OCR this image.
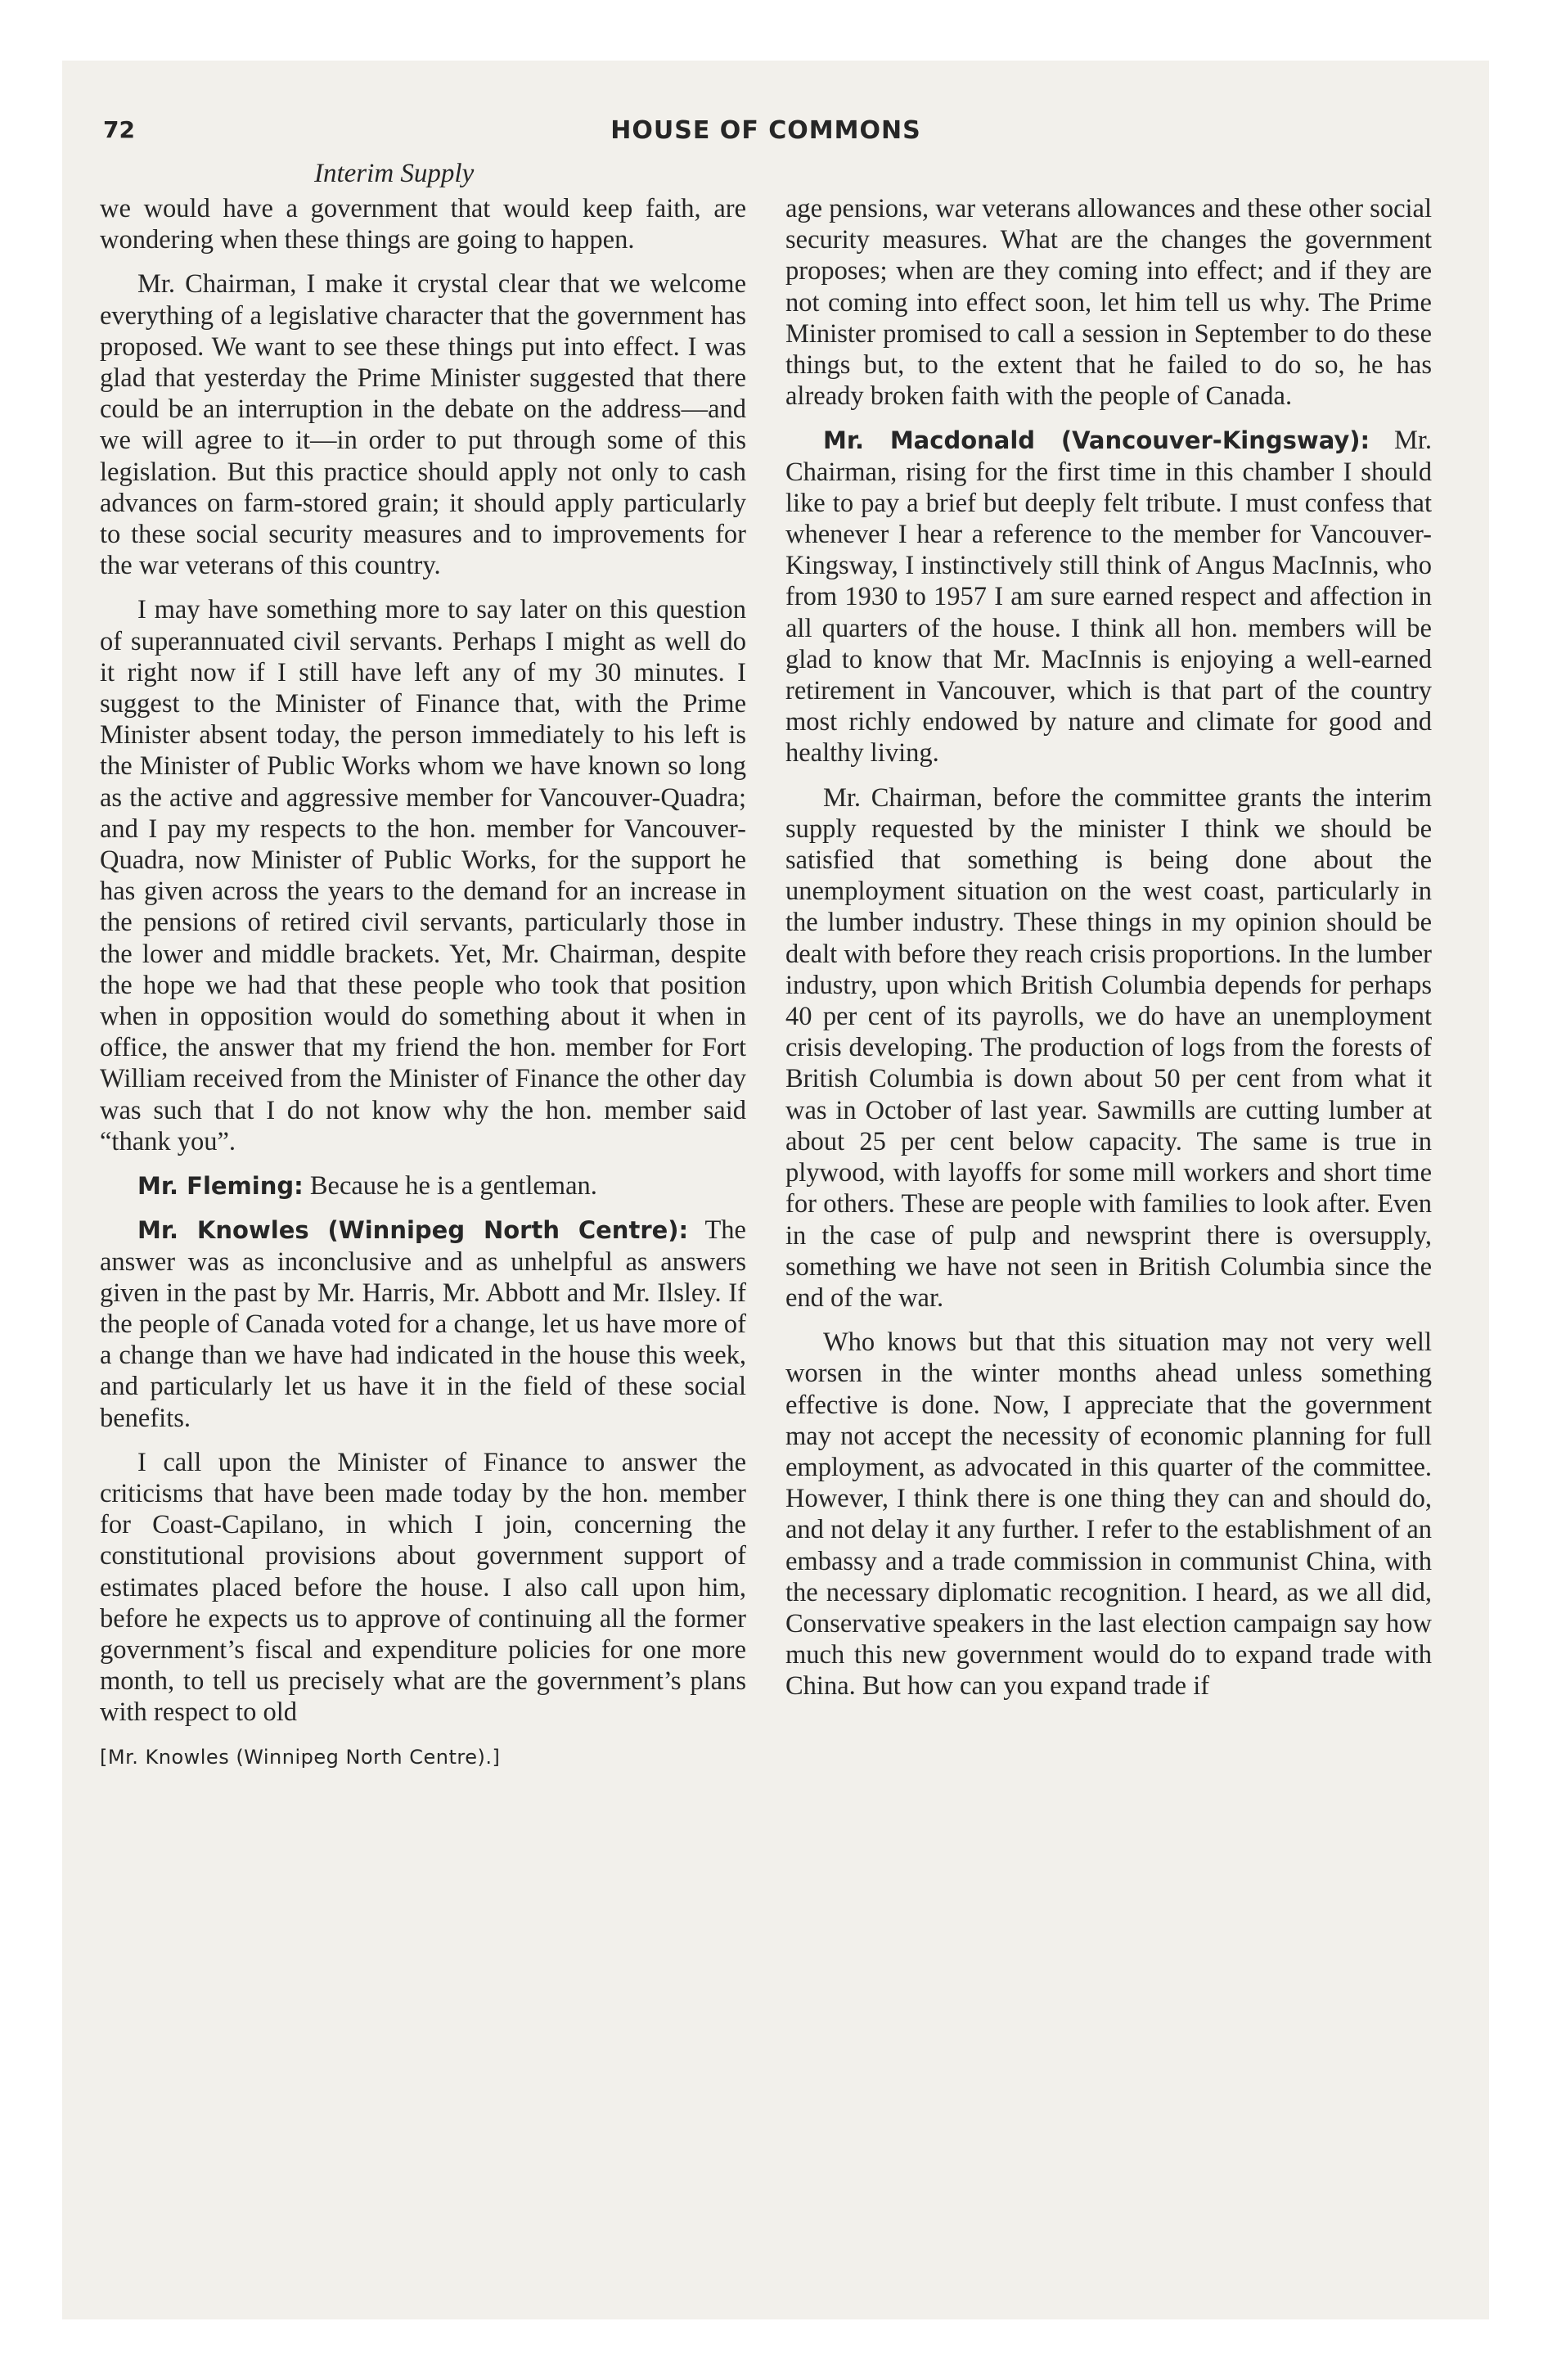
72	HOUSE OF COMMONS
Interim Supply

we would have a government that would keep faith, are wondering when these things are going to happen.

Mr. Chairman, I make it crystal clear that we welcome everything of a legislative character that the government has proposed. We want to see these things put into effect. I was glad that yesterday the Prime Minister suggested that there could be an interruption in the debate on the address—and we will agree to it—in order to put through some of this legislation. But this practice should apply not only to cash advances on farm-stored grain; it should apply particularly to these social security measures and to improvements for the war veterans of this country.

I may have something more to say later on this question of superannuated civil servants. Perhaps I might as well do it right now if I still have left any of my 30 minutes. I suggest to the Minister of Finance that, with the Prime Minister absent today, the person immediately to his left is the Minister of Public Works whom we have known so long as the active and aggressive member for Vancouver-Quadra; and I pay my respects to the hon. member for Vancouver-Quadra, now Minister of Public Works, for the support he has given across the years to the demand for an increase in the pensions of retired civil servants, particularly those in the lower and middle brackets. Yet, Mr. Chairman, despite the hope we had that these people who took that position when in opposition would do something about it when in office, the answer that my friend the hon. member for Fort William received from the Minister of Finance the other day was such that I do not know why the hon. member said “thank you”.

Mr. Fleming: Because he is a gentleman.

Mr. Knowles (Winnipeg North Centre): The answer was as inconclusive and as unhelpful as answers given in the past by Mr. Harris, Mr. Abbott and Mr. Ilsley. If the people of Canada voted for a change, let us have more of a change than we have had indicated in the house this week, and particularly let us have it in the field of these social benefits.

I call upon the Minister of Finance to answer the criticisms that have been made today by the hon. member for Coast-Capilano, in which I join, concerning the constitutional provisions about government support of estimates placed before the house. I also call upon him, before he expects us to approve of continuing all the former government’s fiscal and expenditure policies for one more month, to tell us precisely what are the government’s plans with respect to old

[Mr. Knowles (Winnipeg North Centre).]

age pensions, war veterans allowances and these other social security measures. What are the changes the government proposes; when are they coming into effect; and if they are not coming into effect soon, let him tell us why. The Prime Minister promised to call a session in September to do these things but, to the extent that he failed to do so, he has already broken faith with the people of Canada.

Mr. Macdonald (Vancouver-Kingsway): Mr. Chairman, rising for the first time in this chamber I should like to pay a brief but deeply felt tribute. I must confess that whenever I hear a reference to the member for Vancouver-Kingsway, I instinctively still think of Angus MacInnis, who from 1930 to 1957 I am sure earned respect and affection in all quarters of the house. I think all hon. members will be glad to know that Mr. MacInnis is enjoying a well-earned retirement in Vancouver, which is that part of the country most richly endowed by nature and climate for good and healthy living.

Mr. Chairman, before the committee grants the interim supply requested by the minister I think we should be satisfied that something is being done about the unemployment situation on the west coast, particularly in the lumber industry. These things in my opinion should be dealt with before they reach crisis proportions. In the lumber industry, upon which British Columbia depends for perhaps 40 per cent of its payrolls, we do have an unemployment crisis developing. The production of logs from the forests of British Columbia is down about 50 per cent from what it was in October of last year. Sawmills are cutting lumber at about 25 per cent below capacity. The same is true in plywood, with layoffs for some mill workers and short time for others. These are people with families to look after. Even in the case of pulp and newsprint there is oversupply, something we have not seen in British Columbia since the end of the war.

Who knows but that this situation may not very well worsen in the winter months ahead unless something effective is done. Now, I appreciate that the government may not accept the necessity of economic planning for full employment, as advocated in this quarter of the committee. However, I think there is one thing they can and should do, and not delay it any further. I refer to the establishment of an embassy and a trade commission in communist China, with the necessary diplomatic recognition. I heard, as we all did, Conservative speakers in the last election campaign say how much this new government would do to expand trade with China. But how can you expand trade if
